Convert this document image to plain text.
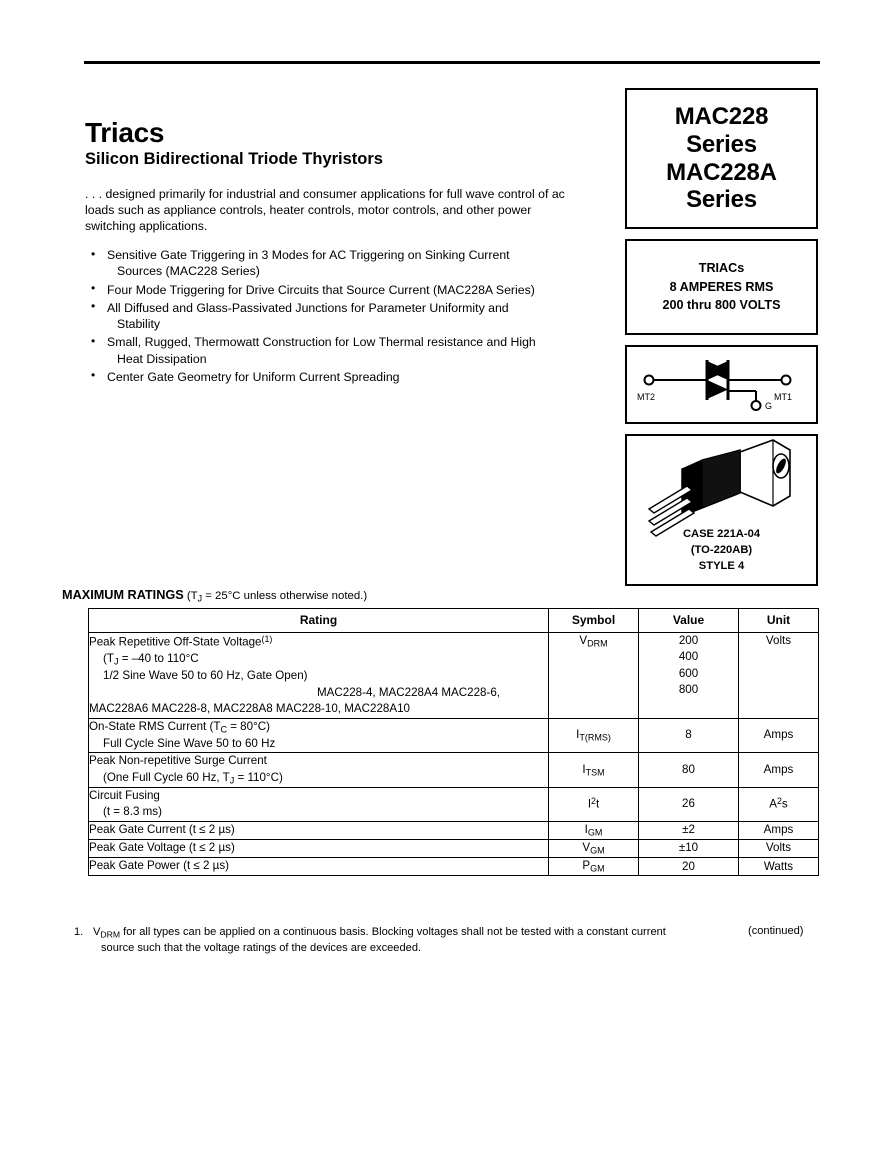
Triacs
Silicon Bidirectional Triode Thyristors

. . . designed primarily for industrial and consumer applications for full wave control of ac loads such as appliance controls, heater controls, motor controls, and other power switching applications.

• Sensitive Gate Triggering in 3 Modes for AC Triggering on Sinking Current
Sources (MAC228 Series)
• Four Mode Triggering for Drive Circuits that Source Current (MAC228A Series)
• All Diffused and Glass-Passivated Junctions for Parameter Uniformity and
Stability
• Small, Rugged, Thermowatt Construction for Low Thermal resistance and High
Heat Dissipation
• Center Gate Geometry for Uniform Current Spreading
MAC228
Series
MAC228A
Series
TRIACs
8 AMPERES RMS
200 thru 800 VOLTS
MT2	MT1
G
CASE 221A-04
(TO-220AB)
STYLE 4
MAXIMUM RATINGS ($T_J = 25^\circ C$ unless otherwise noted.)
Rating	Symbol	Value	Unit
Peak Repetitive Off-State Voltage$^{(1)}$
($T_J = -40$ to 110°C
1/2 Sine Wave 50 to 60 Hz, Gate Open)
MAC228-4, MAC228A4 MAC228-6, MAC228A6 MAC228-8, MAC228A8 MAC228-10, MAC228A10	$V_{DRM}$	200
400
600
800	Volts
On-State RMS Current $(T_C = 80^\circ C)$
Full Cycle Sine Wave 50 to 60 Hz	$I_{T(RMS)}$	8	Amps
Peak Non-repetitive Surge Current
(One Full Cycle 60 Hz, $T_J = 110^\circ C$)	$I_{TSM}$	80	Amps
Circuit Fusing
(t = 8.3 ms)	$I^2t$	26	$A^2s$
Peak Gate Current (t ≤ 2 µs)	$I_{GM}$	±2	Amps
Peak Gate Voltage (t ≤ 2 µs)	$V_{GM}$	±10	Volts
Peak Gate Power (t ≤ 2 µs)	$P_{GM}$	20	Watts
1. $V_{DRM}$ for all types can be applied on a continuous basis. Blocking voltages shall not be tested with a constant current
source such that the voltage ratings of the devices are exceeded.
(continued)
